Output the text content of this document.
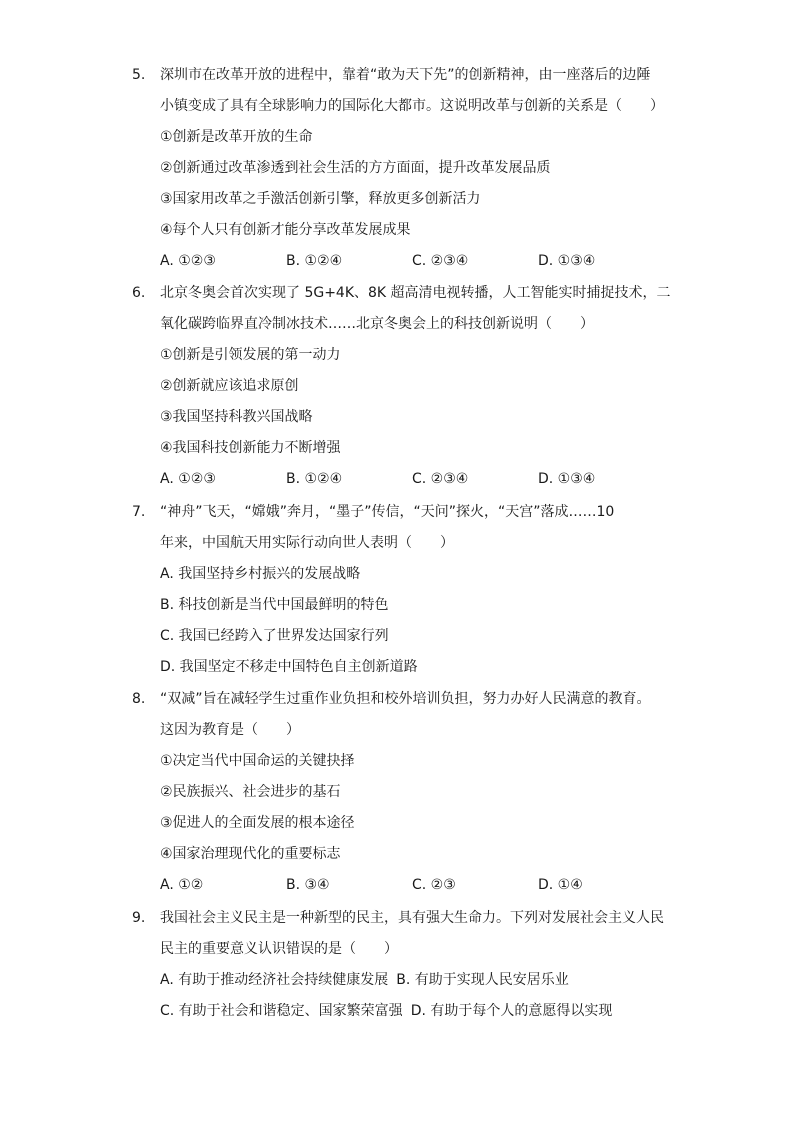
5.	深圳市在改革开放的进程中，靠着“敢为天下先”的创新精神，由一座落后的边陲
小镇变成了具有全球影响力的国际化大都市。这说明改革与创新的关系是（　　）
①创新是改革开放的生命
②创新通过改革渗透到社会生活的方方面面，提升改革发展品质
③国家用改革之手激活创新引擎，释放更多创新活力
④每个人只有创新才能分享改革发展成果
A. ①②③	B. ①②④	C. ②③④	D. ①③④
6.	北京冬奥会首次实现了 5G+4K、8K 超高清电视转播，人工智能实时捕捉技术，二
氧化碳跨临界直冷制冰技术……北京冬奥会上的科技创新说明（　　）
①创新是引领发展的第一动力
②创新就应该追求原创
③我国坚持科教兴国战略
④我国科技创新能力不断增强
A. ①②③	B. ①②④	C. ②③④	D. ①③④
7.	“神舟”飞天，“嫦娥”奔月，“墨子”传信，“天问”探火，“天宫”落成……10
年来，中国航天用实际行动向世人表明（　　）
A. 我国坚持乡村振兴的发展战略
B. 科技创新是当代中国最鲜明的特色
C. 我国已经跨入了世界发达国家行列
D. 我国坚定不移走中国特色自主创新道路
8.	“双减”旨在减轻学生过重作业负担和校外培训负担，努力办好人民满意的教育。
这因为教育是（　　）
①决定当代中国命运的关键抉择
②民族振兴、社会进步的基石
③促进人的全面发展的根本途径
④国家治理现代化的重要标志
A. ①②	B. ③④	C. ②③	D. ①④
9.	我国社会主义民主是一种新型的民主，具有强大生命力。下列对发展社会主义人民
民主的重要意义认识错误的是（　　）
A. 有助于推动经济社会持续健康发展 B. 有助于实现人民安居乐业
C. 有助于社会和谐稳定、国家繁荣富强 D. 有助于每个人的意愿得以实现
